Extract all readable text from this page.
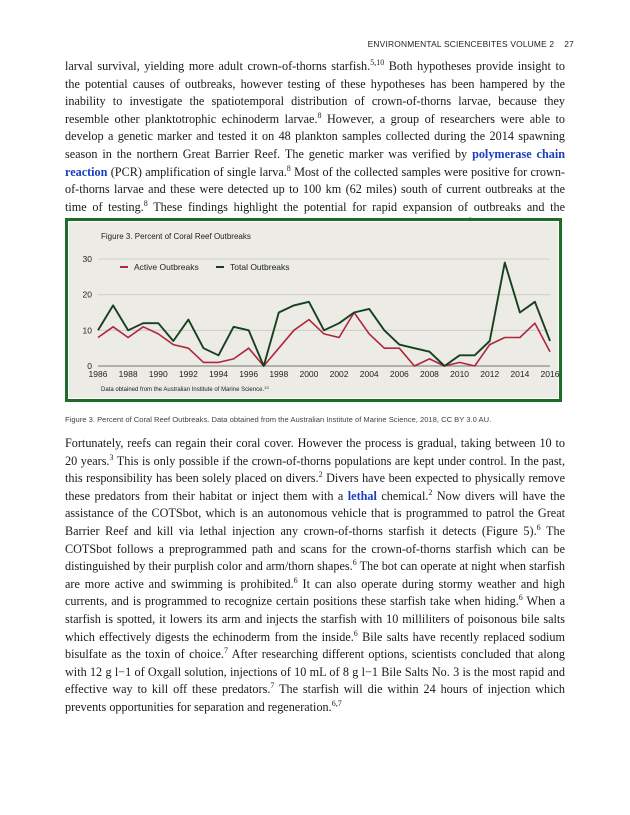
ENVIRONMENTAL SCIENCEBITES VOLUME 2 27

larval survival, yielding more adult crown-of-thorns starfish.$^{5,10}$ Both hypotheses provide insight to the potential causes of outbreaks, however testing of these hypotheses has been hampered by the inability to investigate the spatiotemporal distribution of crown-of-thorns larvae, because they resemble other planktotrophic echinoderm larvae.$^8$ However, a group of researchers were able to develop a genetic marker and tested it on 48 plankton samples collected during the 2014 spawning season in the northern Great Barrier Reef. The genetic marker was verified by polymerase chain reaction (PCR) amplification of single larva.$^8$ Most of the collected samples were positive for crown-of-thorns larvae and these were detected up to 100 km (62 miles) south of current outbreaks at the time of testing.$^8$ These findings highlight the potential for rapid expansion of outbreaks and the

Figure 3. Percent of Coral Reef Outbreaks
0
10
20
30
1986 1988 1990 1992 1994 1996 1998 2000 2002 2004 2006 2008 2010 2012 2014 2016
Active Outbreaks	Total Outbreaks
Data obtained from the Australian Institute of Marine Science.$^{13}$
Figure 3. Percent of Coral Reef Outbreaks. Data obtained from the Australian Institute of Marine Science, 2018, CC BY 3.0 AU.

Fortunately, reefs can regain their coral cover. However the process is gradual, taking between 10 to 20 years.$^3$ This is only possible if the crown-of-thorns populations are kept under control. In the past, this responsibility has been solely placed on divers.$^2$ Divers have been expected to physically remove these predators from their habitat or inject them with a lethal chemical.$^2$ Now divers will have the assistance of the COTSbot, which is an autonomous vehicle that is programmed to patrol the Great Barrier Reef and kill via lethal injection any crown-of-thorns starfish it detects (Figure 5).$^6$ The COTSbot follows a preprogrammed path and scans for the crown-of-thorns starfish which can be distinguished by their purplish color and arm/thorn shapes.$^6$ The bot can operate at night when starfish are more active and swimming is prohibited.$^6$ It can also operate during stormy weather and high currents, and is programmed to recognize certain positions these starfish take when hiding.$^6$ When a starfish is spotted, it lowers its arm and injects the starfish with 10 milliliters of poisonous bile salts which effectively digests the echinoderm from the inside.$^6$ Bile salts have recently replaced sodium bisulfate as the toxin of choice.$^7$ After researching different options, scientists concluded that along with 12 g l−1 of Oxgall solution, injections of 10 mL of 8 g l−1 Bile Salts No. 3 is the most rapid and effective way to kill off these predators.$^7$ The starfish will die within 24 hours of injection which prevents opportunities for separation and regeneration.$^{6,7}$
